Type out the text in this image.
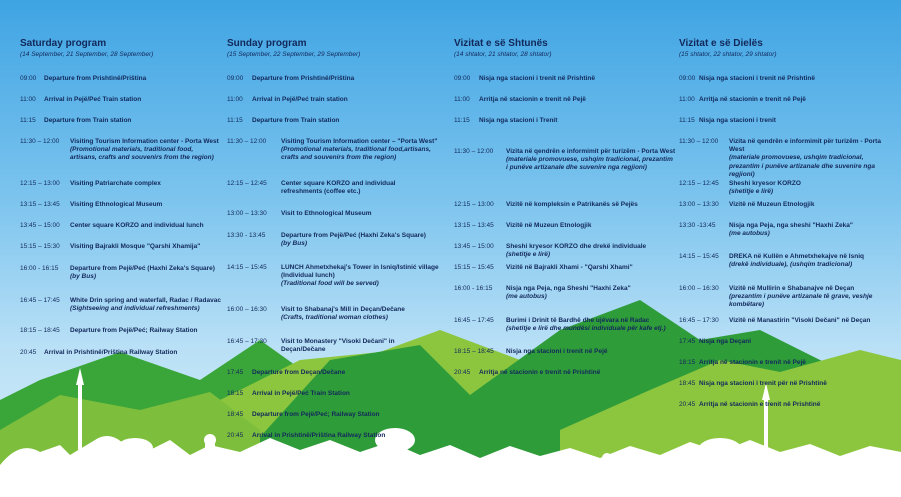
Saturday program

(14 September, 21 September, 28 September)

09:00	Departure from Prishtinë/Priština
11:00	Arrival in Pejë/Peć Train station
11:15	Departure from Train station
11:30 – 12:00	Visiting Tourism Information center - Porta West
(Promotional materials, traditional food, artisans, crafts and souvenirs from the region)
12:15 – 13:00	Visiting Patriarchate complex
13:15 – 13:45	Visiting Ethnological Museum
13:45 – 15:00	Center square KORZO and individual lunch
15:15 – 15:30	Visiting Bajrakli Mosque "Qarshi Xhamija"
16:00 - 16:15	Departure from Pejë/Peć (Haxhi Zeka's Square)
(by Bus)
16:45 – 17:45	White Drin spring and waterfall, Radac / Radavac
(Sightseeing and individual refreshments)
18:15 – 18:45	Departure from Pejë/Peć; Railway Station
20:45	Arrival in Prishtinë/Priština Railway Station

Sunday program

(15 September, 22 September, 29 September)

09:00	Departure from Prishtinë/Priština
11:00	Arrival in Pejë/Peć train station
11:15	Departure from Train station
11:30 – 12:00	Visiting Tourism Information center – "Porta West"
(Promotional materials, traditional food,artisans, crafts and souvenirs from the region)
12:15 – 12:45	Center square KORZO and individual refreshments (coffee etc.)
13:00 – 13:30	Visit to Ethnological Museum
13:30 - 13:45	Departure from Pejë/Peć (Haxhi Zeka's Square)
(by Bus)
14:15 – 15:45	LUNCH Ahmetxhekaj's Tower in Isniq/Istinić village (Individual lunch)
(Traditional food will be served)
16:00 – 16:30	Visit to Shabanaj's Mill in Deçan/Dečane
(Crafts, traditional woman clothes)
16:45 – 17:30	Visit to Monastery "Visoki Dečani" in Deçan/Dečane
17:45	Departure from Deçan/Dečane
18:15	Arrival in Pejë/Peć Train Station
18:45	Departure from Pejë/Peć; Railway Station
20:45	Arrival in Prishtinë/Priština Railway Station

Vizitat e së Shtunës

(14 shtator, 21 shtator, 28 shtator)

09:00	Nisja nga stacioni i trenit në Prishtinë
11:00	Arritja në stacionin e trenit në Pejë
11:15	Nisja nga stacioni i Trenit
11:30 – 12:00	Vizita në qendrën e informimit për turizëm - Porta West
(materiale promovuese, ushqim tradicional, prezantim i punëve artizanale dhe suvenire nga regjioni)
12:15 – 13:00	Vizitë në kompleksin e Patrikanës së Pejës
13:15 – 13:45	Vizitë në Muzeun Etnologjik
13:45 – 15:00	Sheshi kryesor KORZO dhe drekë individuale
(shetitje e lirë)
15:15 – 15:45	Vizitë në Bajrakli Xhami - "Qarshi Xhami"
16:00 - 16:15	Nisja nga Peja, nga Sheshi "Haxhi Zeka"
(me autobus)
16:45 – 17:45	Burimi i Drinit të Bardhë dhe ujëvara në Radac
(shetitje e lirë dhe mundësi individuale për kafe etj.)
18:15 – 18:45	Nisja nga stacioni i trenit në Pejë
20:45	Arritja në stacionin e trenit në Prishtinë

Vizitat e së Dielës

(15 shtator, 22 shtator, 29 shtator)

09:00 Nisja nga stacioni i trenit në Prishtinë
11:00 Arritja në stacionin e trenit në Pejë
11:15 Nisja nga stacioni i trenit
11:30 – 12:00	Vizita në qendrën e informimit për turizëm - Porta West
(materiale promovuese, ushqim tradicional, prezantim i punëve artizanale dhe suvenire nga regjioni)
12:15 – 12:45	Sheshi kryesor KORZO
(shetitje e lirë)
13:00 – 13:30	Vizitë në Muzeun Etnologjik
13:30 -13:45	Nisja nga Peja, nga sheshi "Haxhi Zeka"
(me autobus)
14:15 – 15:45	DREKA në Kullën e Ahmetxhekajve në Isniq
(drekë individuale), (ushqim tradicional)
16:00 – 16:30	Vizitë në Mullirin e Shabanajve në Deçan
(prezantim i punëve artizanale të grave, veshje kombëtare)
16:45 – 17:30	Vizitë në Manastirin "Visoki Dečani" në Deçan
17:45 Nisja nga Deçani
18:15 Arritja në stacionin e trenit në Pejë
18:45 Nisja nga stacioni i trenit për në Prishtinë
20:45 Arritja në stacionin e trenit në Prishtinë
